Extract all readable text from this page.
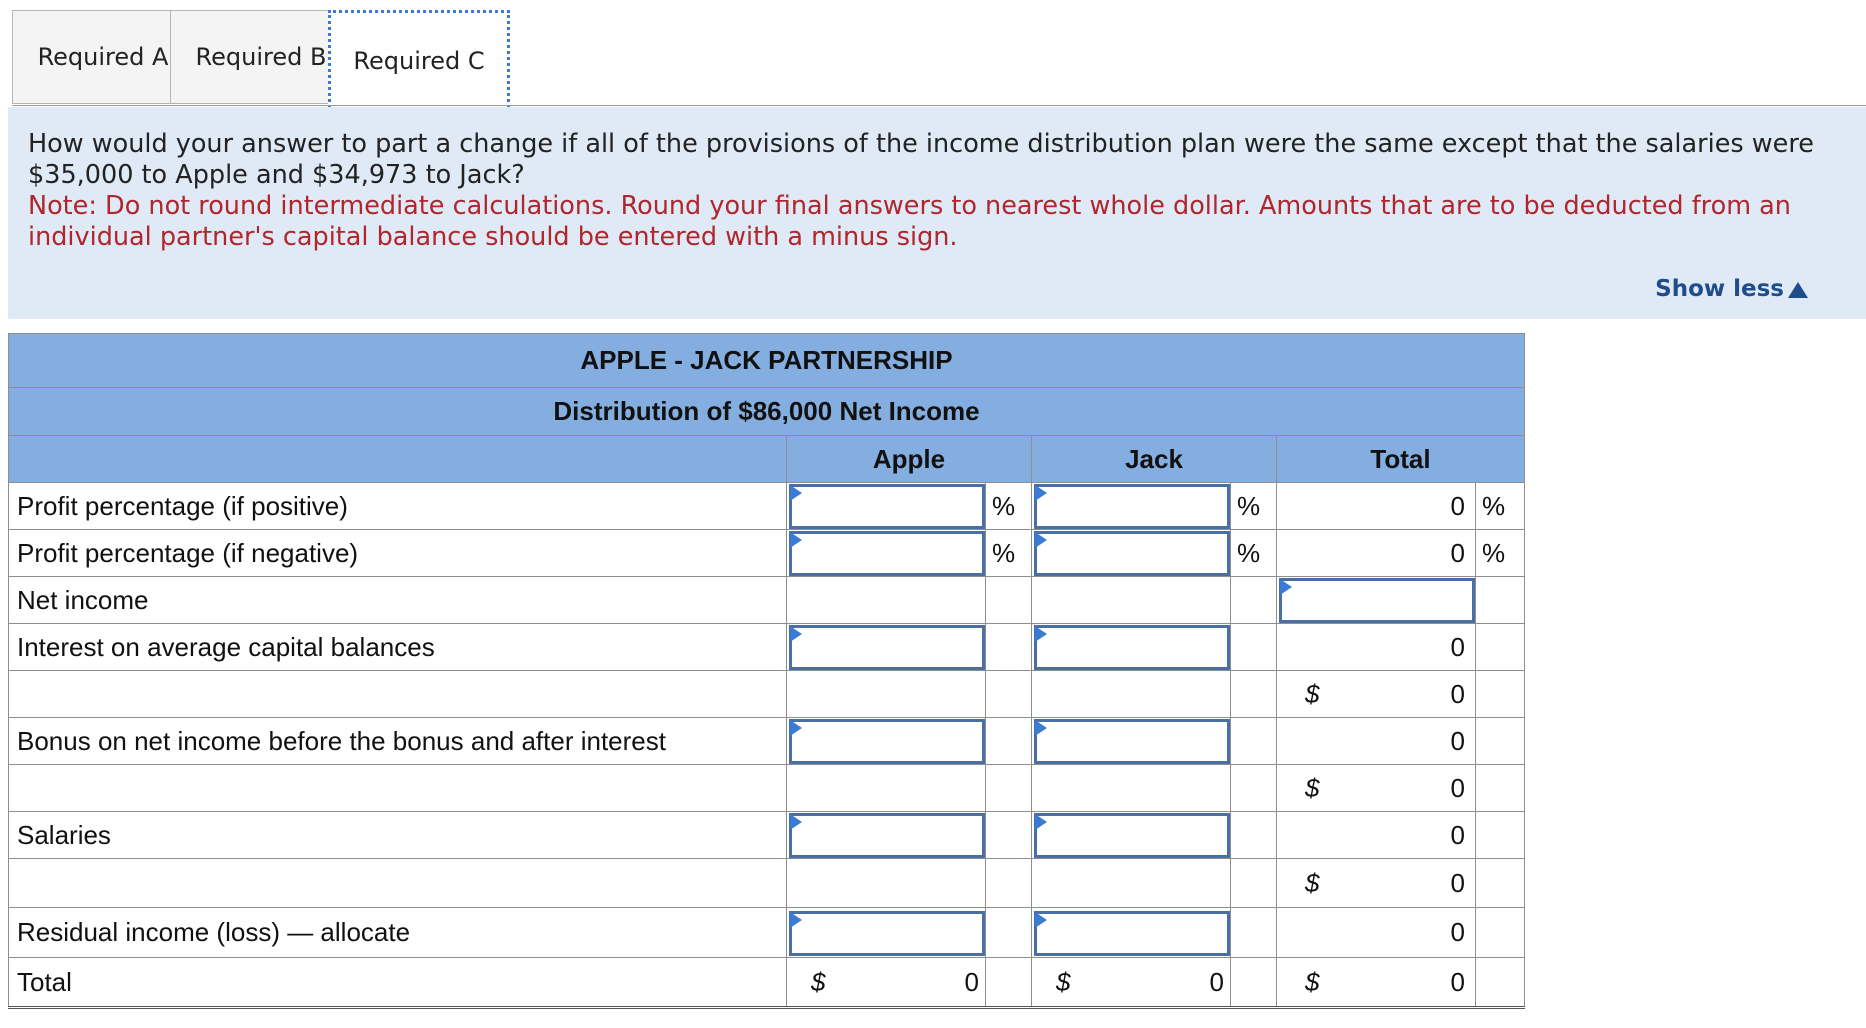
Required A	Required B	Required C
How would your answer to part a change if all of the provisions of the income distribution plan were the same except that the salaries were $35,000 to Apple and $34,973 to Jack?
Note: Do not round intermediate calculations. Round your final answers to nearest whole dollar. Amounts that are to be deducted from an individual partner's capital balance should be entered with a minus sign.
Show less
APPLE - JACK PARTNERSHIP						
Distribution of $86,000 Net Income						
	Apple		Jack		Total	
Profit percentage (if positive)		%		%	0	%
Profit percentage (if negative)		%		%	0	%
Net income					

Interest on average capital balances					0	

					$ 0	

Bonus on net income before the bonus and after interest					0	

					$ 0	

Salaries					0	

					$ 0	

Residual income (loss) — allocate					0	
Total	$ 0		$ 0		$ 0	
